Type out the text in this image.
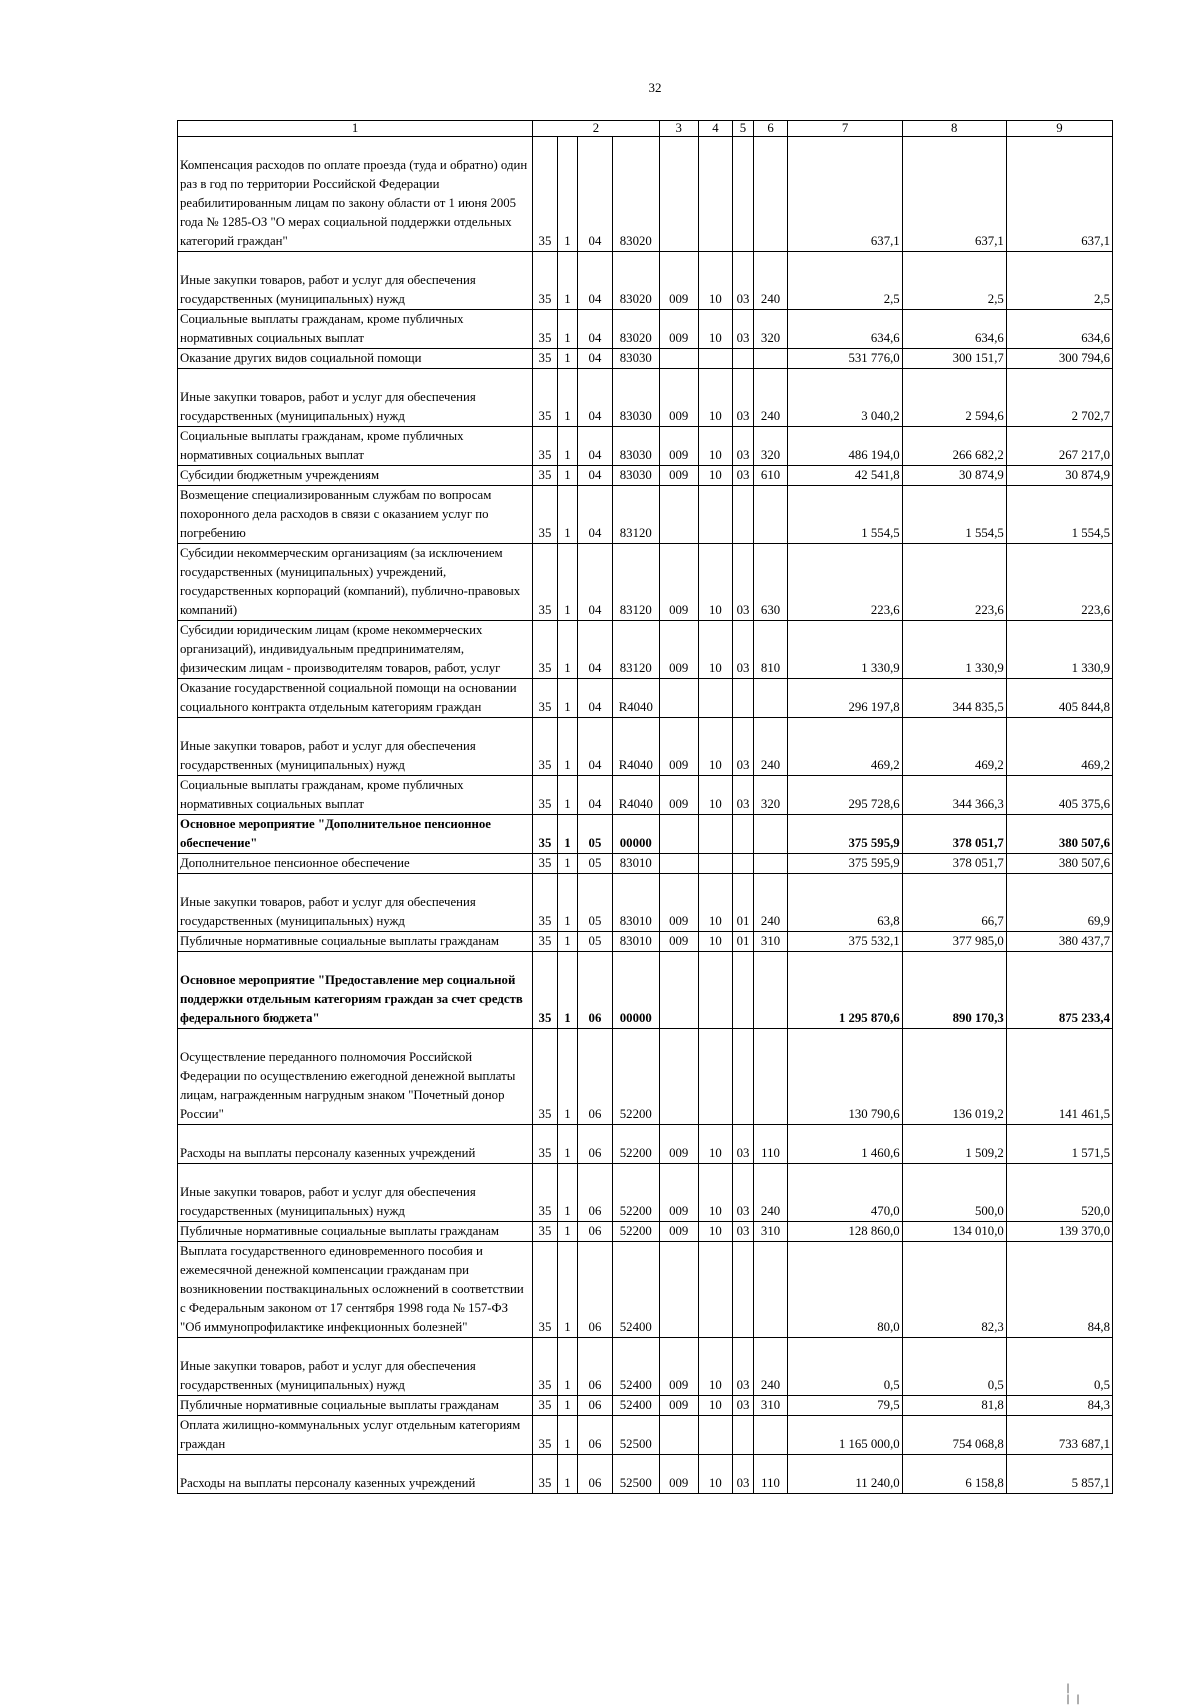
32
1	2				3	4	5	6	7	8	9
Компенсация расходов по оплате проезда (туда и обратно) один раз в год по территории Российской Федерации реабилитированным лицам по закону области от 1 июня 2005 года № 1285-ОЗ "О мерах социальной поддержки отдельных категорий граждан"	35	1	04	83020					637,1	637,1	637,1
Иные закупки товаров, работ и услуг для обеспечения государственных (муниципальных) нужд	35	1	04	83020	009	10	03	240	2,5	2,5	2,5
Социальные выплаты гражданам, кроме публичных нормативных социальных выплат	35	1	04	83020	009	10	03	320	634,6	634,6	634,6
Оказание других видов социальной помощи	35	1	04	83030					531 776,0	300 151,7	300 794,6
Иные закупки товаров, работ и услуг для обеспечения государственных (муниципальных) нужд	35	1	04	83030	009	10	03	240	3 040,2	2 594,6	2 702,7
Социальные выплаты гражданам, кроме публичных нормативных социальных выплат	35	1	04	83030	009	10	03	320	486 194,0	266 682,2	267 217,0
Субсидии бюджетным учреждениям	35	1	04	83030	009	10	03	610	42 541,8	30 874,9	30 874,9
Возмещение специализированным службам по вопросам похоронного дела расходов в связи с оказанием услуг по погребению	35	1	04	83120					1 554,5	1 554,5	1 554,5
Субсидии некоммерческим организациям (за исключением государственных (муниципальных) учреждений, государственных корпораций (компаний), публично-правовых компаний)	35	1	04	83120	009	10	03	630	223,6	223,6	223,6
Субсидии юридическим лицам (кроме некоммерческих организаций), индивидуальным предпринимателям, физическим лицам - производителям товаров, работ, услуг	35	1	04	83120	009	10	03	810	1 330,9	1 330,9	1 330,9
Оказание государственной социальной помощи на основании социального контракта отдельным категориям граждан	35	1	04	R4040					296 197,8	344 835,5	405 844,8
Иные закупки товаров, работ и услуг для обеспечения государственных (муниципальных) нужд	35	1	04	R4040	009	10	03	240	469,2	469,2	469,2
Социальные выплаты гражданам, кроме публичных нормативных социальных выплат	35	1	04	R4040	009	10	03	320	295 728,6	344 366,3	405 375,6
Основное мероприятие "Дополнительное пенсионное обеспечение"	35	1	05	00000					375 595,9	378 051,7	380 507,6
Дополнительное пенсионное обеспечение	35	1	05	83010					375 595,9	378 051,7	380 507,6
Иные закупки товаров, работ и услуг для обеспечения государственных (муниципальных) нужд	35	1	05	83010	009	10	01	240	63,8	66,7	69,9
Публичные нормативные социальные выплаты гражданам	35	1	05	83010	009	10	01	310	375 532,1	377 985,0	380 437,7
Основное мероприятие "Предоставление мер социальной поддержки отдельным категориям граждан за счет средств федерального бюджета"	35	1	06	00000					1 295 870,6	890 170,3	875 233,4
Осуществление переданного полномочия Российской Федерации по осуществлению ежегодной денежной выплаты лицам, награжденным нагрудным знаком "Почетный донор России"	35	1	06	52200					130 790,6	136 019,2	141 461,5
Расходы на выплаты персоналу казенных учреждений	35	1	06	52200	009	10	03	110	1 460,6	1 509,2	1 571,5
Иные закупки товаров, работ и услуг для обеспечения государственных (муниципальных) нужд	35	1	06	52200	009	10	03	240	470,0	500,0	520,0
Публичные нормативные социальные выплаты гражданам	35	1	06	52200	009	10	03	310	128 860,0	134 010,0	139 370,0
Выплата государственного единовременного пособия и ежемесячной денежной компенсации гражданам при возникновении поствакцинальных осложнений в соответствии с Федеральным законом от 17 сентября 1998 года № 157-ФЗ "Об иммунопрофилактике инфекционных болезней"	35	1	06	52400					80,0	82,3	84,8
Иные закупки товаров, работ и услуг для обеспечения государственных (муниципальных) нужд	35	1	06	52400	009	10	03	240	0,5	0,5	0,5
Публичные нормативные социальные выплаты гражданам	35	1	06	52400	009	10	03	310	79,5	81,8	84,3
Оплата жилищно-коммунальных услуг отдельным категориям граждан	35	1	06	52500					1 165 000,0	754 068,8	733 687,1
Расходы на выплаты персоналу казенных учреждений	35	1	06	52500	009	10	03	110	11 240,0	6 158,8	5 857,1
| ||
